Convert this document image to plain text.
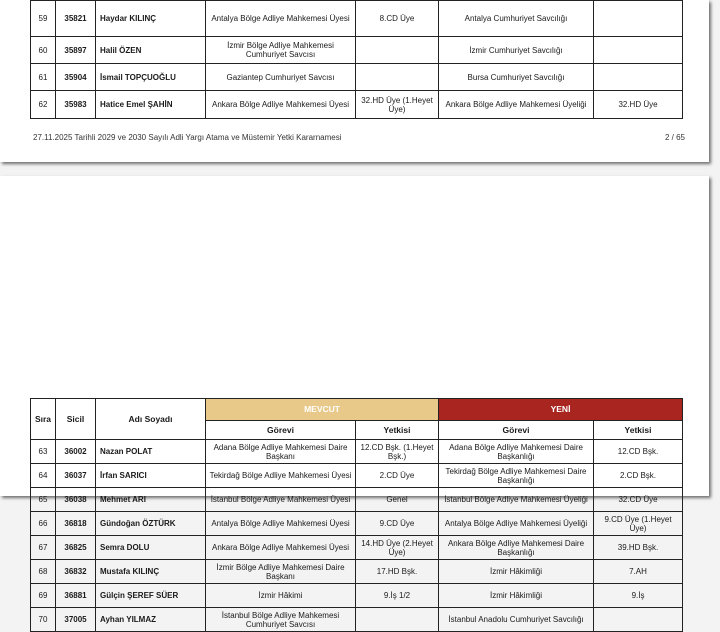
59	35821	Haydar KILINÇ	Antalya Bölge Adliye Mahkemesi Üyesi	8.CD Üye	Antalya Cumhuriyet Savcılığı	
60	35897	Halil ÖZEN	İzmir Bölge Adliye Mahkemesi Cumhuriyet Savcısı		İzmir Cumhuriyet Savcılığı	
61	35904	İsmail TOPÇUOĞLU	Gaziantep Cumhuriyet Savcısı		Bursa Cumhuriyet Savcılığı	
62	35983	Hatice Emel ŞAHİN	Ankara Bölge Adliye Mahkemesi Üyesi	32.HD Üye (1.Heyet Üye)	Ankara Bölge Adliye Mahkemesi Üyeliği	32.HD Üye
27.11.2025 Tarihli 2029 ve 2030 Sayılı Adli Yargı Atama ve Müstemir Yetki Kararnamesi	2 / 65
Sıra	Sicil	Adı Soyadı	MEVCUT		YENİ	
			Görevi	Yetkisi	Görevi	Yetkisi
63	36002	Nazan POLAT	Adana Bölge Adliye Mahkemesi Daire Başkanı	12.CD Bşk. (1.Heyet Bşk.)	Adana Bölge Adliye Mahkemesi Daire Başkanlığı	12.CD Bşk.
64	36037	İrfan SARICI	Tekirdağ Bölge Adliye Mahkemesi Üyesi	2.CD Üye	Tekirdağ Bölge Adliye Mahkemesi Daire Başkanlığı	2.CD Bşk.
65	36038	Mehmet ARI	İstanbul Bölge Adliye Mahkemesi Üyesi	Genel	İstanbul Bölge Adliye Mahkemesi Üyeliği	32.CD Üye
66	36818	Gündoğan ÖZTÜRK	Antalya Bölge Adliye Mahkemesi Üyesi	9.CD Üye	Antalya Bölge Adliye Mahkemesi Üyeliği	9.CD Üye (1.Heyet Üye)
67	36825	Semra DOLU	Ankara Bölge Adliye Mahkemesi Üyesi	14.HD Üye (2.Heyet Üye)	Ankara Bölge Adliye Mahkemesi Daire Başkanlığı	39.HD Bşk.
68	36832	Mustafa KILINÇ	İzmir Bölge Adliye Mahkemesi Daire Başkanı	17.HD Bşk.	İzmir Hâkimliği	7.AH
69	36881	Gülçin ŞEREF SÜER	İzmir Hâkimi	9.İş 1/2	İzmir Hâkimliği	9.İş
70	37005	Ayhan YILMAZ	İstanbul Bölge Adliye Mahkemesi Cumhuriyet Savcısı		İstanbul Anadolu Cumhuriyet Savcılığı	
